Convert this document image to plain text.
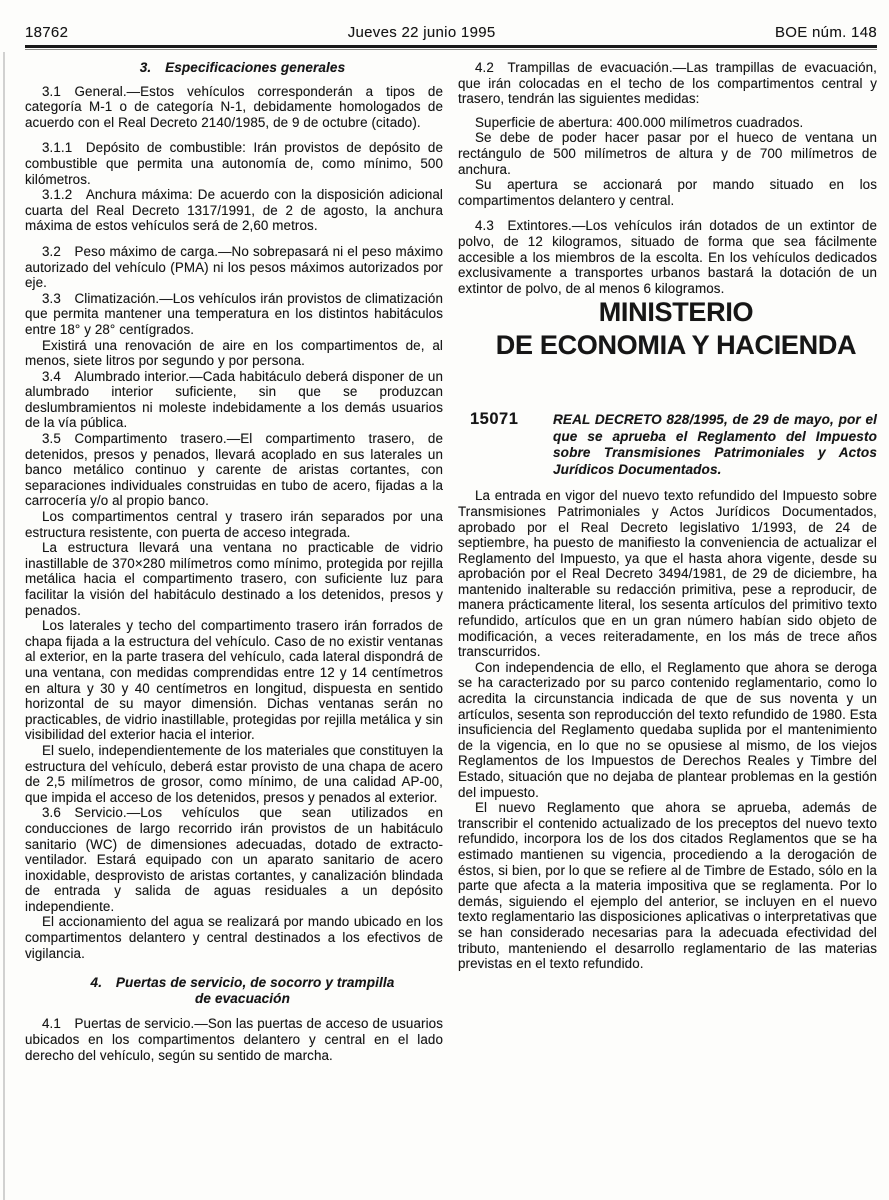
18762	Jueves 22 junio 1995	BOE núm. 148

3.  Especificaciones generales

3.1  General.—Estos vehículos corresponderán a tipos de categoría M-1 o de categoría N-1, debidamente homologados de acuerdo con el Real Decreto 2140/1985, de 9 de octubre (citado).

3.1.1  Depósito de combustible: Irán provistos de depósito de combustible que permita una autonomía de, como mínimo, 500 kilómetros.

3.1.2  Anchura máxima: De acuerdo con la disposición adicional cuarta del Real Decreto 1317/1991, de 2 de agosto, la anchura máxima de estos vehículos será de 2,60 metros.

3.2  Peso máximo de carga.—No sobrepasará ni el peso máximo autorizado del vehículo (PMA) ni los pesos máximos autorizados por eje.

3.3  Climatización.—Los vehículos irán provistos de climatización que permita mantener una temperatura en los distintos habitáculos entre 18° y 28° centígrados.

Existirá una renovación de aire en los compartimentos de, al menos, siete litros por segundo y por persona.

3.4  Alumbrado interior.—Cada habitáculo deberá disponer de un alumbrado interior suficiente, sin que se produzcan deslumbramientos ni moleste indebidamente a los demás usuarios de la vía pública.

3.5  Compartimento trasero.—El compartimento trasero, de detenidos, presos y penados, llevará acoplado en sus laterales un banco metálico continuo y carente de aristas cortantes, con separaciones individuales construidas en tubo de acero, fijadas a la carrocería y/o al propio banco.

Los compartimentos central y trasero irán separados por una estructura resistente, con puerta de acceso integrada.

La estructura llevará una ventana no practicable de vidrio inastillable de 370×280 milímetros como mínimo, protegida por rejilla metálica hacia el compartimento trasero, con suficiente luz para facilitar la visión del habitáculo destinado a los detenidos, presos y penados.

Los laterales y techo del compartimento trasero irán forrados de chapa fijada a la estructura del vehículo. Caso de no existir ventanas al exterior, en la parte trasera del vehículo, cada lateral dispondrá de una ventana, con medidas comprendidas entre 12 y 14 centímetros en altura y 30 y 40 centímetros en longitud, dispuesta en sentido horizontal de su mayor dimensión. Dichas ventanas serán no practicables, de vidrio inastillable, protegidas por rejilla metálica y sin visibilidad del exterior hacia el interior.

El suelo, independientemente de los materiales que constituyen la estructura del vehículo, deberá estar provisto de una chapa de acero de 2,5 milímetros de grosor, como mínimo, de una calidad AP-00, que impida el acceso de los detenidos, presos y penados al exterior.

3.6  Servicio.—Los vehículos que sean utilizados en conducciones de largo recorrido irán provistos de un habitáculo sanitario (WC) de dimensiones adecuadas, dotado de extracto-ventilador. Estará equipado con un aparato sanitario de acero inoxidable, desprovisto de aristas cortantes, y canalización blindada de entrada y salida de aguas residuales a un depósito independiente.

El accionamiento del agua se realizará por mando ubicado en los compartimentos delantero y central destinados a los efectivos de vigilancia.

4.  Puertas de servicio, de socorro y trampilla

de evacuación

4.1  Puertas de servicio.—Son las puertas de acceso de usuarios ubicados en los compartimentos delantero y central en el lado derecho del vehículo, según su sentido de marcha.

4.2  Trampillas de evacuación.—Las trampillas de evacuación, que irán colocadas en el techo de los compartimentos central y trasero, tendrán las siguientes medidas:

Superficie de abertura: 400.000 milímetros cuadrados.

Se debe de poder hacer pasar por el hueco de ventana un rectángulo de 500 milímetros de altura y de 700 milímetros de anchura.

Su apertura se accionará por mando situado en los compartimentos delantero y central.

4.3  Extintores.—Los vehículos irán dotados de un extintor de polvo, de 12 kilogramos, situado de forma que sea fácilmente accesible a los miembros de la escolta. En los vehículos dedicados exclusivamente a transportes urbanos bastará la dotación de un extintor de polvo, de al menos 6 kilogramos.

MINISTERIO

DE ECONOMIA Y HACIENDA

15071	REAL DECRETO 828/1995, de 29 de mayo, por el que se aprueba el Reglamento del Impuesto sobre Transmisiones Patrimoniales y Actos Jurídicos Documentados.

La entrada en vigor del nuevo texto refundido del Impuesto sobre Transmisiones Patrimoniales y Actos Jurídicos Documentados, aprobado por el Real Decreto legislativo 1/1993, de 24 de septiembre, ha puesto de manifiesto la conveniencia de actualizar el Reglamento del Impuesto, ya que el hasta ahora vigente, desde su aprobación por el Real Decreto 3494/1981, de 29 de diciembre, ha mantenido inalterable su redacción primitiva, pese a reproducir, de manera prácticamente literal, los sesenta artículos del primitivo texto refundido, artículos que en un gran número habían sido objeto de modificación, a veces reiteradamente, en los más de trece años transcurridos.

Con independencia de ello, el Reglamento que ahora se deroga se ha caracterizado por su parco contenido reglamentario, como lo acredita la circunstancia indicada de que de sus noventa y un artículos, sesenta son reproducción del texto refundido de 1980. Esta insuficiencia del Reglamento quedaba suplida por el mantenimiento de la vigencia, en lo que no se opusiese al mismo, de los viejos Reglamentos de los Impuestos de Derechos Reales y Timbre del Estado, situación que no dejaba de plantear problemas en la gestión del impuesto.

El nuevo Reglamento que ahora se aprueba, además de transcribir el contenido actualizado de los preceptos del nuevo texto refundido, incorpora los de los dos citados Reglamentos que se ha estimado mantienen su vigencia, procediendo a la derogación de éstos, si bien, por lo que se refiere al de Timbre de Estado, sólo en la parte que afecta a la materia impositiva que se reglamenta. Por lo demás, siguiendo el ejemplo del anterior, se incluyen en el nuevo texto reglamentario las disposiciones aplicativas o interpretativas que se han considerado necesarias para la adecuada efectividad del tributo, manteniendo el desarrollo reglamentario de las materias previstas en el texto refundido.
